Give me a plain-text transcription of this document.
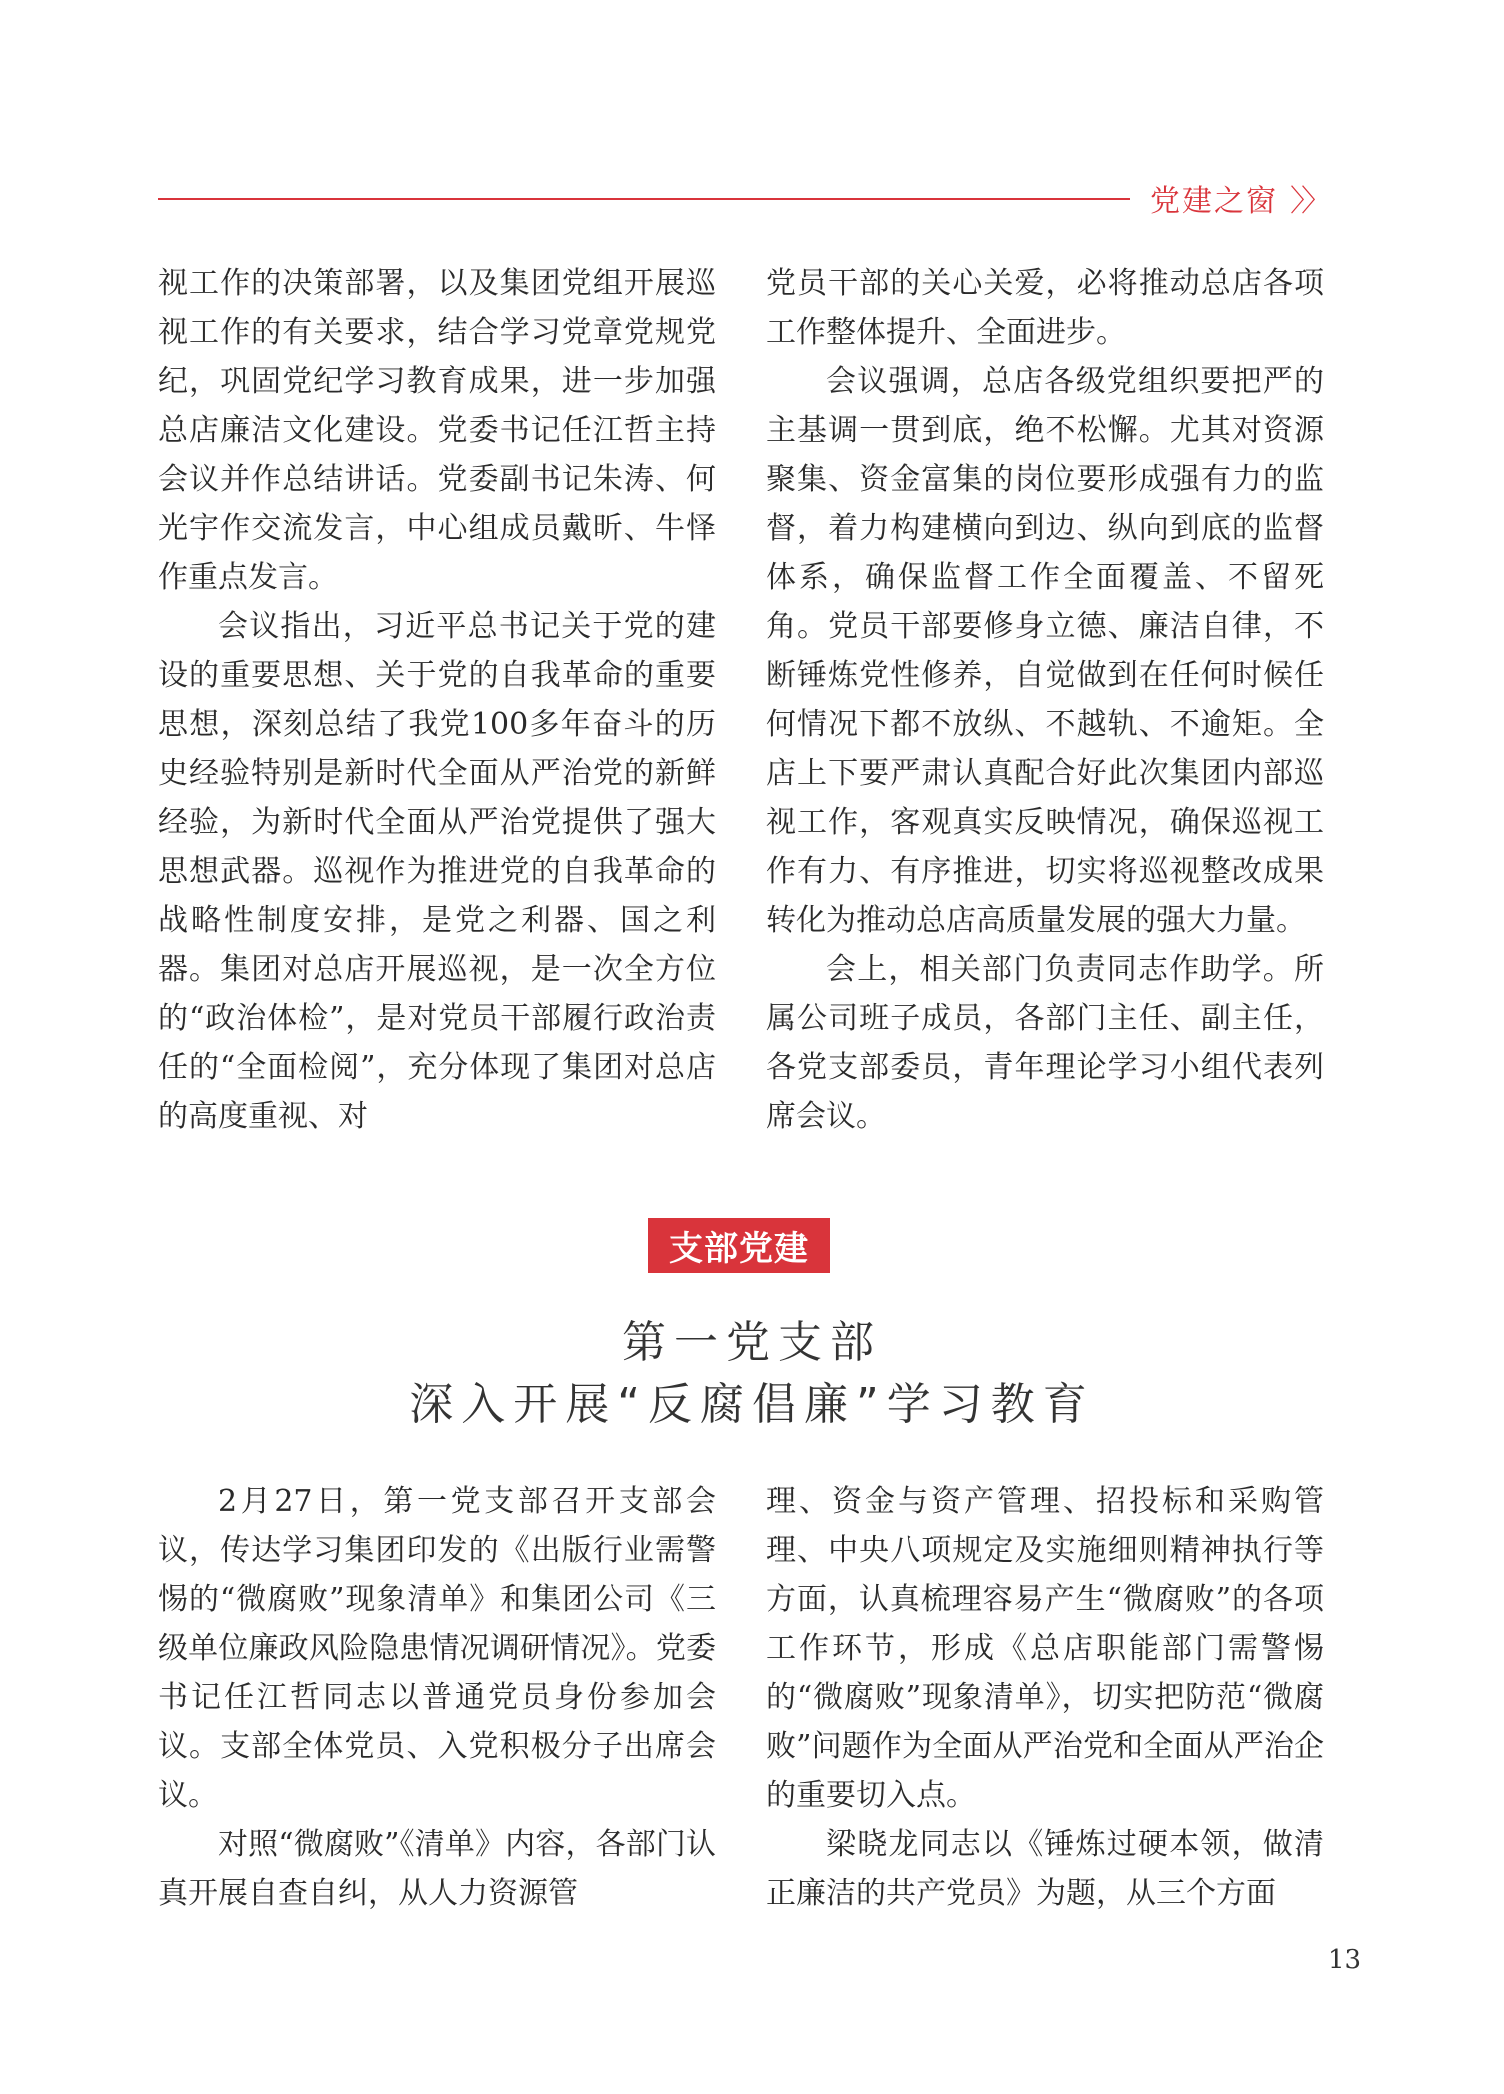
党建之窗 〉〉

视工作的决策部署，以及集团党组开展巡视工作的有关要求，结合学习党章党规党纪，巩固党纪学习教育成果，进一步加强总店廉洁文化建设。党委书记任江哲主持会议并作总结讲话。党委副书记朱涛、何光宇作交流发言，中心组成员戴昕、牛怿作重点发言。

会议指出，习近平总书记关于党的建设的重要思想、关于党的自我革命的重要思想，深刻总结了我党100多年奋斗的历史经验特别是新时代全面从严治党的新鲜经验，为新时代全面从严治党提供了强大思想武器。巡视作为推进党的自我革命的战略性制度安排，是党之利器、国之利器。集团对总店开展巡视，是一次全方位的“政治体检”，是对党员干部履行政治责任的“全面检阅”，充分体现了集团对总店的高度重视、对

党员干部的关心关爱，必将推动总店各项工作整体提升、全面进步。

会议强调，总店各级党组织要把严的主基调一贯到底，绝不松懈。尤其对资源聚集、资金富集的岗位要形成强有力的监督，着力构建横向到边、纵向到底的监督体系，确保监督工作全面覆盖、不留死角。党员干部要修身立德、廉洁自律，不断锤炼党性修养，自觉做到在任何时候任何情况下都不放纵、不越轨、不逾矩。全店上下要严肃认真配合好此次集团内部巡视工作，客观真实反映情况，确保巡视工作有力、有序推进，切实将巡视整改成果转化为推动总店高质量发展的强大力量。

会上，相关部门负责同志作助学。所属公司班子成员，各部门主任、副主任，各党支部委员，青年理论学习小组代表列席会议。

支部党建
第一党支部
深入开展“反腐倡廉”学习教育

2月27日，第一党支部召开支部会议，传达学习集团印发的《出版行业需警惕的“微腐败”现象清单》和集团公司《三级单位廉政风险隐患情况调研情况》。党委书记任江哲同志以普通党员身份参加会议。支部全体党员、入党积极分子出席会议。

对照“微腐败”《清单》内容，各部门认真开展自查自纠，从人力资源管

理、资金与资产管理、招投标和采购管理、中央八项规定及实施细则精神执行等方面，认真梳理容易产生“微腐败”的各项工作环节，形成《总店职能部门需警惕的“微腐败”现象清单》，切实把防范“微腐败”问题作为全面从严治党和全面从严治企的重要切入点。

梁晓龙同志以《锤炼过硬本领，做清正廉洁的共产党员》为题，从三个方面

13
